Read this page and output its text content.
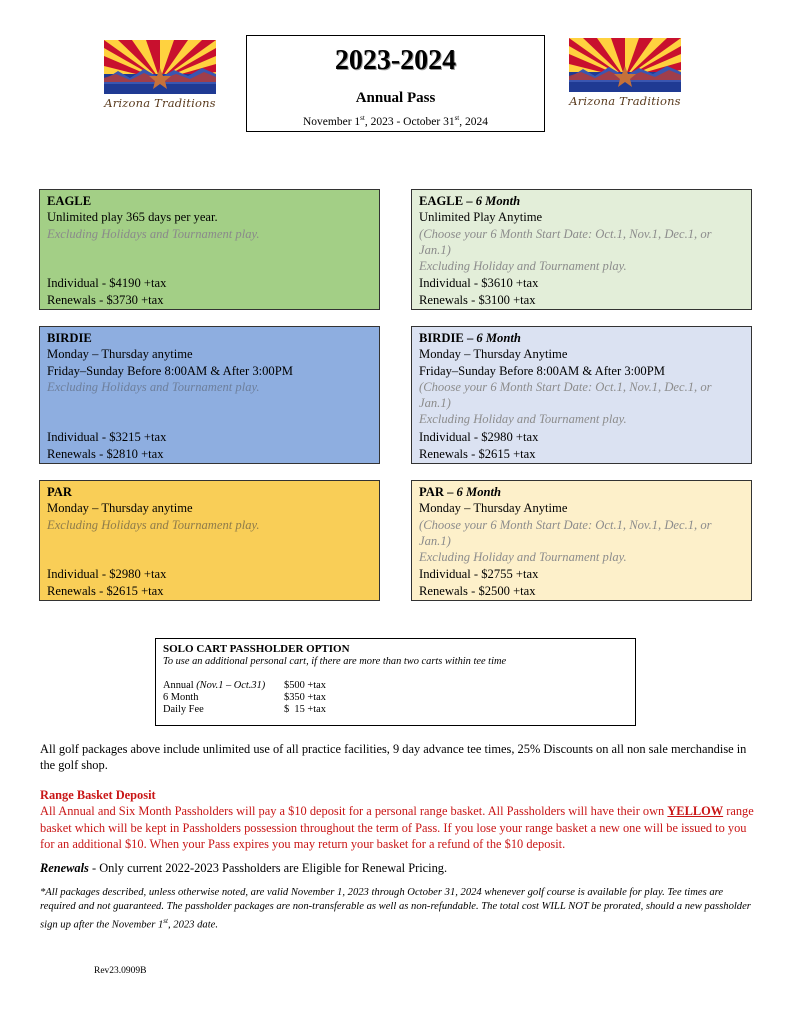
Arizona Traditions	Arizona Traditions
2023-2024
Annual Pass
November 1st, 2023 - October 31st, 2024
EAGLE
Unlimited play 365 days per year.
Excluding Holidays and Tournament play.
Individual - $4190 +tax
Renewals - $3730 +tax
EAGLE – 6 Month
Unlimited Play Anytime
(Choose your 6 Month Start Date: Oct.1, Nov.1, Dec.1, or Jan.1)
Excluding Holiday and Tournament play.
Individual - $3610 +tax
Renewals - $3100 +tax
BIRDIE
Monday – Thursday anytime
Friday–Sunday Before 8:00AM & After 3:00PM
Excluding Holidays and Tournament play.
Individual - $3215 +tax
Renewals - $2810 +tax
BIRDIE – 6 Month
Monday – Thursday Anytime
Friday–Sunday Before 8:00AM & After 3:00PM
(Choose your 6 Month Start Date: Oct.1, Nov.1, Dec.1, or Jan.1)
Excluding Holiday and Tournament play.
Individual - $2980 +tax
Renewals - $2615 +tax
PAR
Monday – Thursday anytime
Excluding Holidays and Tournament play.
Individual - $2980 +tax
Renewals - $2615 +tax
PAR – 6 Month
Monday – Thursday Anytime
(Choose your 6 Month Start Date: Oct.1, Nov.1, Dec.1, or Jan.1)
Excluding Holiday and Tournament play.
Individual - $2755 +tax
Renewals - $2500 +tax
SOLO CART PASSHOLDER OPTION
To use an additional personal cart, if there are more than two carts within tee time
Annual (Nov.1 – Oct.31)	$500 +tax
6 Month	$350 +tax
Daily Fee	$  15 +tax
All golf packages above include unlimited use of all practice facilities, 9 day advance tee times, 25% Discounts on all non sale merchandise in the golf shop.
Range Basket Deposit
All Annual and Six Month Passholders will pay a $10 deposit for a personal range basket. All Passholders will have their own YELLOW range basket which will be kept in Passholders possession throughout the term of Pass. If you lose your range basket a new one will be issued to you for an additional $10. When your Pass expires you may return your basket for a refund of the $10 deposit.
Renewals - Only current 2022-2023 Passholders are Eligible for Renewal Pricing.
*All packages described, unless otherwise noted, are valid November 1, 2023 through October 31, 2024 whenever golf course is available for play. Tee times are required and not guaranteed. The passholder packages are non-transferable as well as non-refundable. The total cost WILL NOT be prorated, should a new passholder sign up after the November 1st, 2023 date.
Rev23.0909B
